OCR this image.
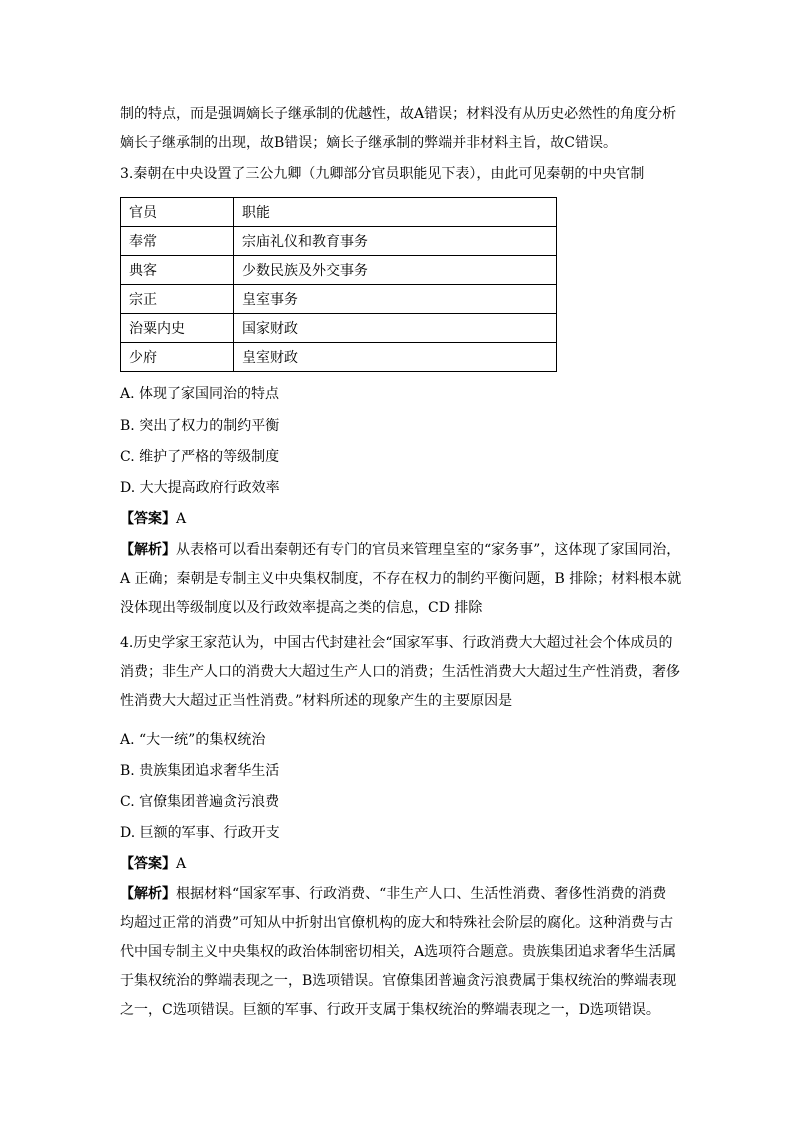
制的特点，而是强调嫡长子继承制的优越性，故A错误；材料没有从历史必然性的角度分析
嫡长子继承制的出现，故B错误；嫡长子继承制的弊端并非材料主旨，故C错误。
3.秦朝在中央设置了三公九卿（九卿部分官员职能见下表），由此可见秦朝的中央官制
官员	职能
奉常	宗庙礼仪和教育事务
典客	少数民族及外交事务
宗正	皇室事务
治粟内史	国家财政
少府	皇室财政
A. 体现了家国同治的特点
B. 突出了权力的制约平衡
C. 维护了严格的等级制度
D. 大大提高政府行政效率
【答案】A
【解析】从表格可以看出秦朝还有专门的官员来管理皇室的“家务事”，这体现了家国同治，
A 正确；秦朝是专制主义中央集权制度，不存在权力的制约平衡问题，B 排除；材料根本就
没体现出等级制度以及行政效率提高之类的信息，CD 排除
4.历史学家王家范认为，中国古代封建社会“国家军事、行政消费大大超过社会个体成员的
消费；非生产人口的消费大大超过生产人口的消费；生活性消费大大超过生产性消费，奢侈
性消费大大超过正当性消费。”材料所述的现象产生的主要原因是
A. “大一统”的集权统治
B. 贵族集团追求奢华生活
C. 官僚集团普遍贪污浪费
D. 巨额的军事、行政开支
【答案】A
【解析】根据材料“国家军事、行政消费、“非生产人口、生活性消费、奢侈性消费的消费
均超过正常的消费”可知从中折射出官僚机构的庞大和特殊社会阶层的腐化。这种消费与古
代中国专制主义中央集权的政治体制密切相关，A选项符合题意。贵族集团追求奢华生活属
于集权统治的弊端表现之一，B选项错误。官僚集团普遍贪污浪费属于集权统治的弊端表现
之一，C选项错误。巨额的军事、行政开支属于集权统治的弊端表现之一，D选项错误。
